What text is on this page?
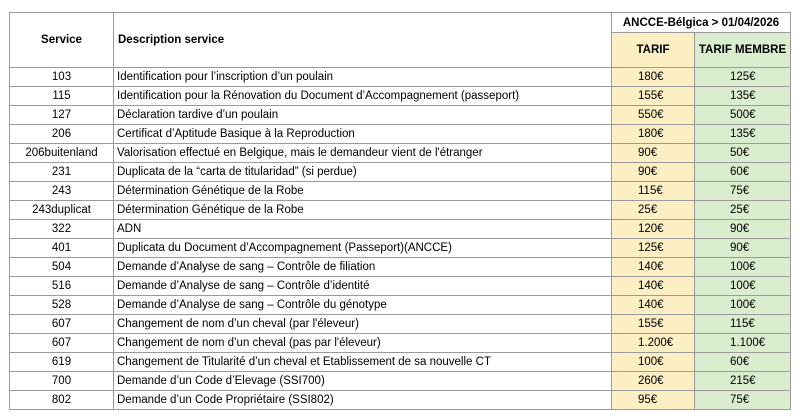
Service	Description service	ANCCE-Bélgica > 01/04/2026	
		TARIF	TARIF MEMBRE
103	Identification pour l’inscription d’un poulain	180€	125€
115	Identification pour la Rénovation du Document d’Accompagnement (passeport)	155€	135€
127	Déclaration tardive d’un poulain	550€	500€
206	Certificat d’Aptitude Basique à la Reproduction	180€	135€
206buitenland	Valorisation effectué en Belgique, mais le demandeur vient de l'étranger	90€	50€
231	Duplicata de la “carta de titularidad” (si perdue)	90€	60€
243	Détermination Génétique de la Robe	115€	75€
243duplicat	Détermination Génétique de la Robe	25€	25€
322	ADN	120€	90€
401	Duplicata du Document d’Accompagnement (Passeport)(ANCCE)	125€	90€
504	Demande d’Analyse de sang – Contrôle de filiation	140€	100€
516	Demande d’Analyse de sang – Contrôle d’identité	140€	100€
528	Demande d’Analyse de sang – Contrôle du génotype	140€	100€
607	Changement de nom d’un cheval (par l'éleveur)	155€	115€
607	Changement de nom d’un cheval (pas par l'éleveur)	1.200€	1.100€
619	Changement de Titularité d’un cheval et Etablissement de sa nouvelle CT	100€	60€
700	Demande d’un Code d’Elevage (SSI700)	260€	215€
802	Demande d’un Code Propriétaire (SSI802)	95€	75€
